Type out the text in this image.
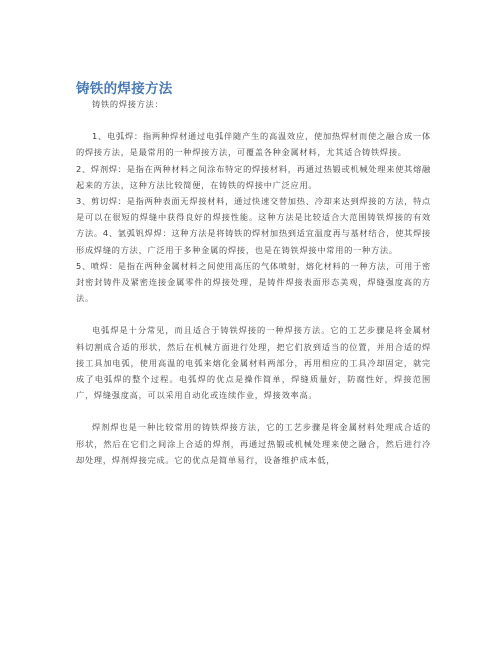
铸铁的焊接方法

铸铁的焊接方法：

1、电弧焊：指两种焊材通过电弧伴随产生的高温效应，使加热焊材而使之融合成一体的焊接方法，是最常用的一种焊接方法，可覆盖各种金属材料，尤其适合铸铁焊接。

2、焊剂焊：是指在两种材料之间涂布特定的焊接材料，再通过热锻或机械处理来使其熔融起来的方法，这种方法比较简便，在铸铁的焊接中广泛应用。

3、剪切焊：是指两种表面无焊接材料，通过快速交替加热、冷却来达到焊接的方法，特点是可以在很短的焊缝中获得良好的焊接性能。这种方法是比较适合大范围铸铁焊接的有效方法。4、氩弧钒焊焊：这种方法是将铸铁的焊材加热到适宜温度再与基材结合，使其焊接形成焊缝的方法，广泛用于多种金属的焊接，也是在铸铁焊接中常用的一种方法。

5、喷焊：是指在两种金属材料之间使用高压的气体喷射，熔化材料的一种方法，可用于密封密封铸件及紧密连接金属零件的焊接处理，是铸件焊接表面形态美观，焊缝强度高的方法。

电弧焊是十分常见，而且适合于铸铁焊接的一种焊接方法。它的工艺步骤是将金属材料切割成合适的形状，然后在机械方面进行处理，把它们放到适当的位置，并用合适的焊接工具加电弧，使用高温的电弧来熔化金属材料两部分，再用相应的工具冷却固定，就完成了电弧焊的整个过程。电弧焊的优点是操作简单，焊缝质量好，防腐性好，焊接范围广，焊缝强度高，可以采用自动化或连续作业，焊接效率高。

焊剂焊也是一种比较常用的铸铁焊接方法，它的工艺步骤是将金属材料处理成合适的形状，然后在它们之间涂上合适的焊剂，再通过热锻或机械处理来使之融合，然后进行冷却处理，焊剂焊接完成。它的优点是简单易行，设备维护成本低，
